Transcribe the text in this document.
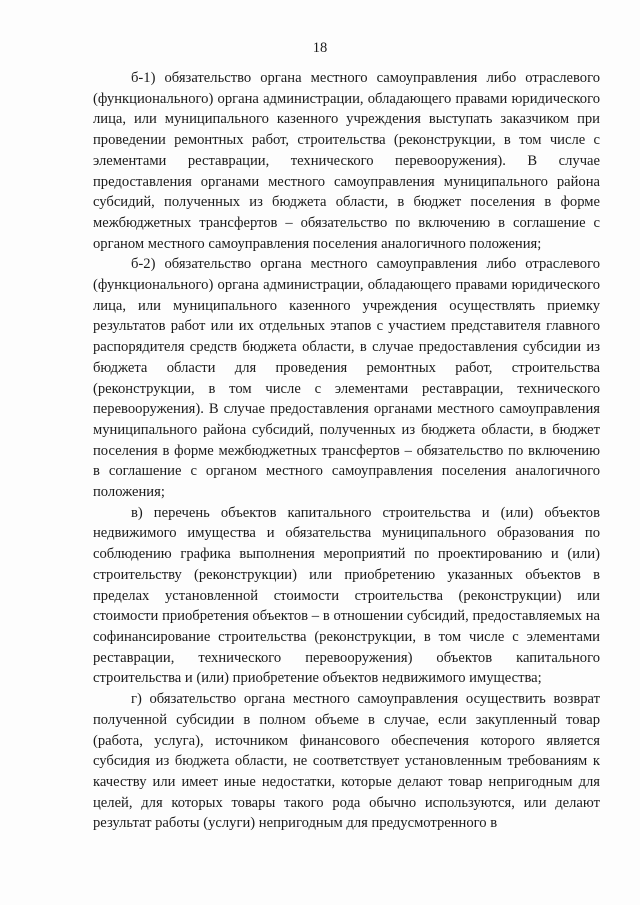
18

б-1) обязательство органа местного самоуправления либо отраслевого (функционального) органа администрации, обладающего правами юридического лица, или муниципального казенного учреждения выступать заказчиком при проведении ремонтных работ, строительства (реконструкции, в том числе с элементами реставрации, технического перевооружения). В случае предоставления органами местного самоуправления муниципального района субсидий, полученных из бюджета области, в бюджет поселения в форме межбюджетных трансфертов – обязательство по включению в соглашение с органом местного самоуправления поселения аналогичного положения;

б-2) обязательство органа местного самоуправления либо отраслевого (функционального) органа администрации, обладающего правами юридического лица, или муниципального казенного учреждения осуществлять приемку результатов работ или их отдельных этапов с участием представителя главного распорядителя средств бюджета области, в случае предоставления субсидии из бюджета области для проведения ремонтных работ, строительства (реконструкции, в том числе с элементами реставрации, технического перевооружения). В случае предоставления органами местного самоуправления муниципального района субсидий, полученных из бюджета области, в бюджет поселения в форме межбюджетных трансфертов – обязательство по включению в соглашение с органом местного самоуправления поселения аналогичного положения;

в) перечень объектов капитального строительства и (или) объектов недвижимого имущества и обязательства муниципального образования по соблюдению графика выполнения мероприятий по проектированию и (или) строительству (реконструкции) или приобретению указанных объектов в пределах установленной стоимости строительства (реконструкции) или стоимости приобретения объектов – в отношении субсидий, предоставляемых на софинансирование строительства (реконструкции, в том числе с элементами реставрации, технического перевооружения) объектов капитального строительства и (или) приобретение объектов недвижимого имущества;

г) обязательство органа местного самоуправления осуществить возврат полученной субсидии в полном объеме в случае, если закупленный товар (работа, услуга), источником финансового обеспечения которого является субсидия из бюджета области, не соответствует установленным требованиям к качеству или имеет иные недостатки, которые делают товар непригодным для целей, для которых товары такого рода обычно используются, или делают результат работы (услуги) непригодным для предусмотренного в
